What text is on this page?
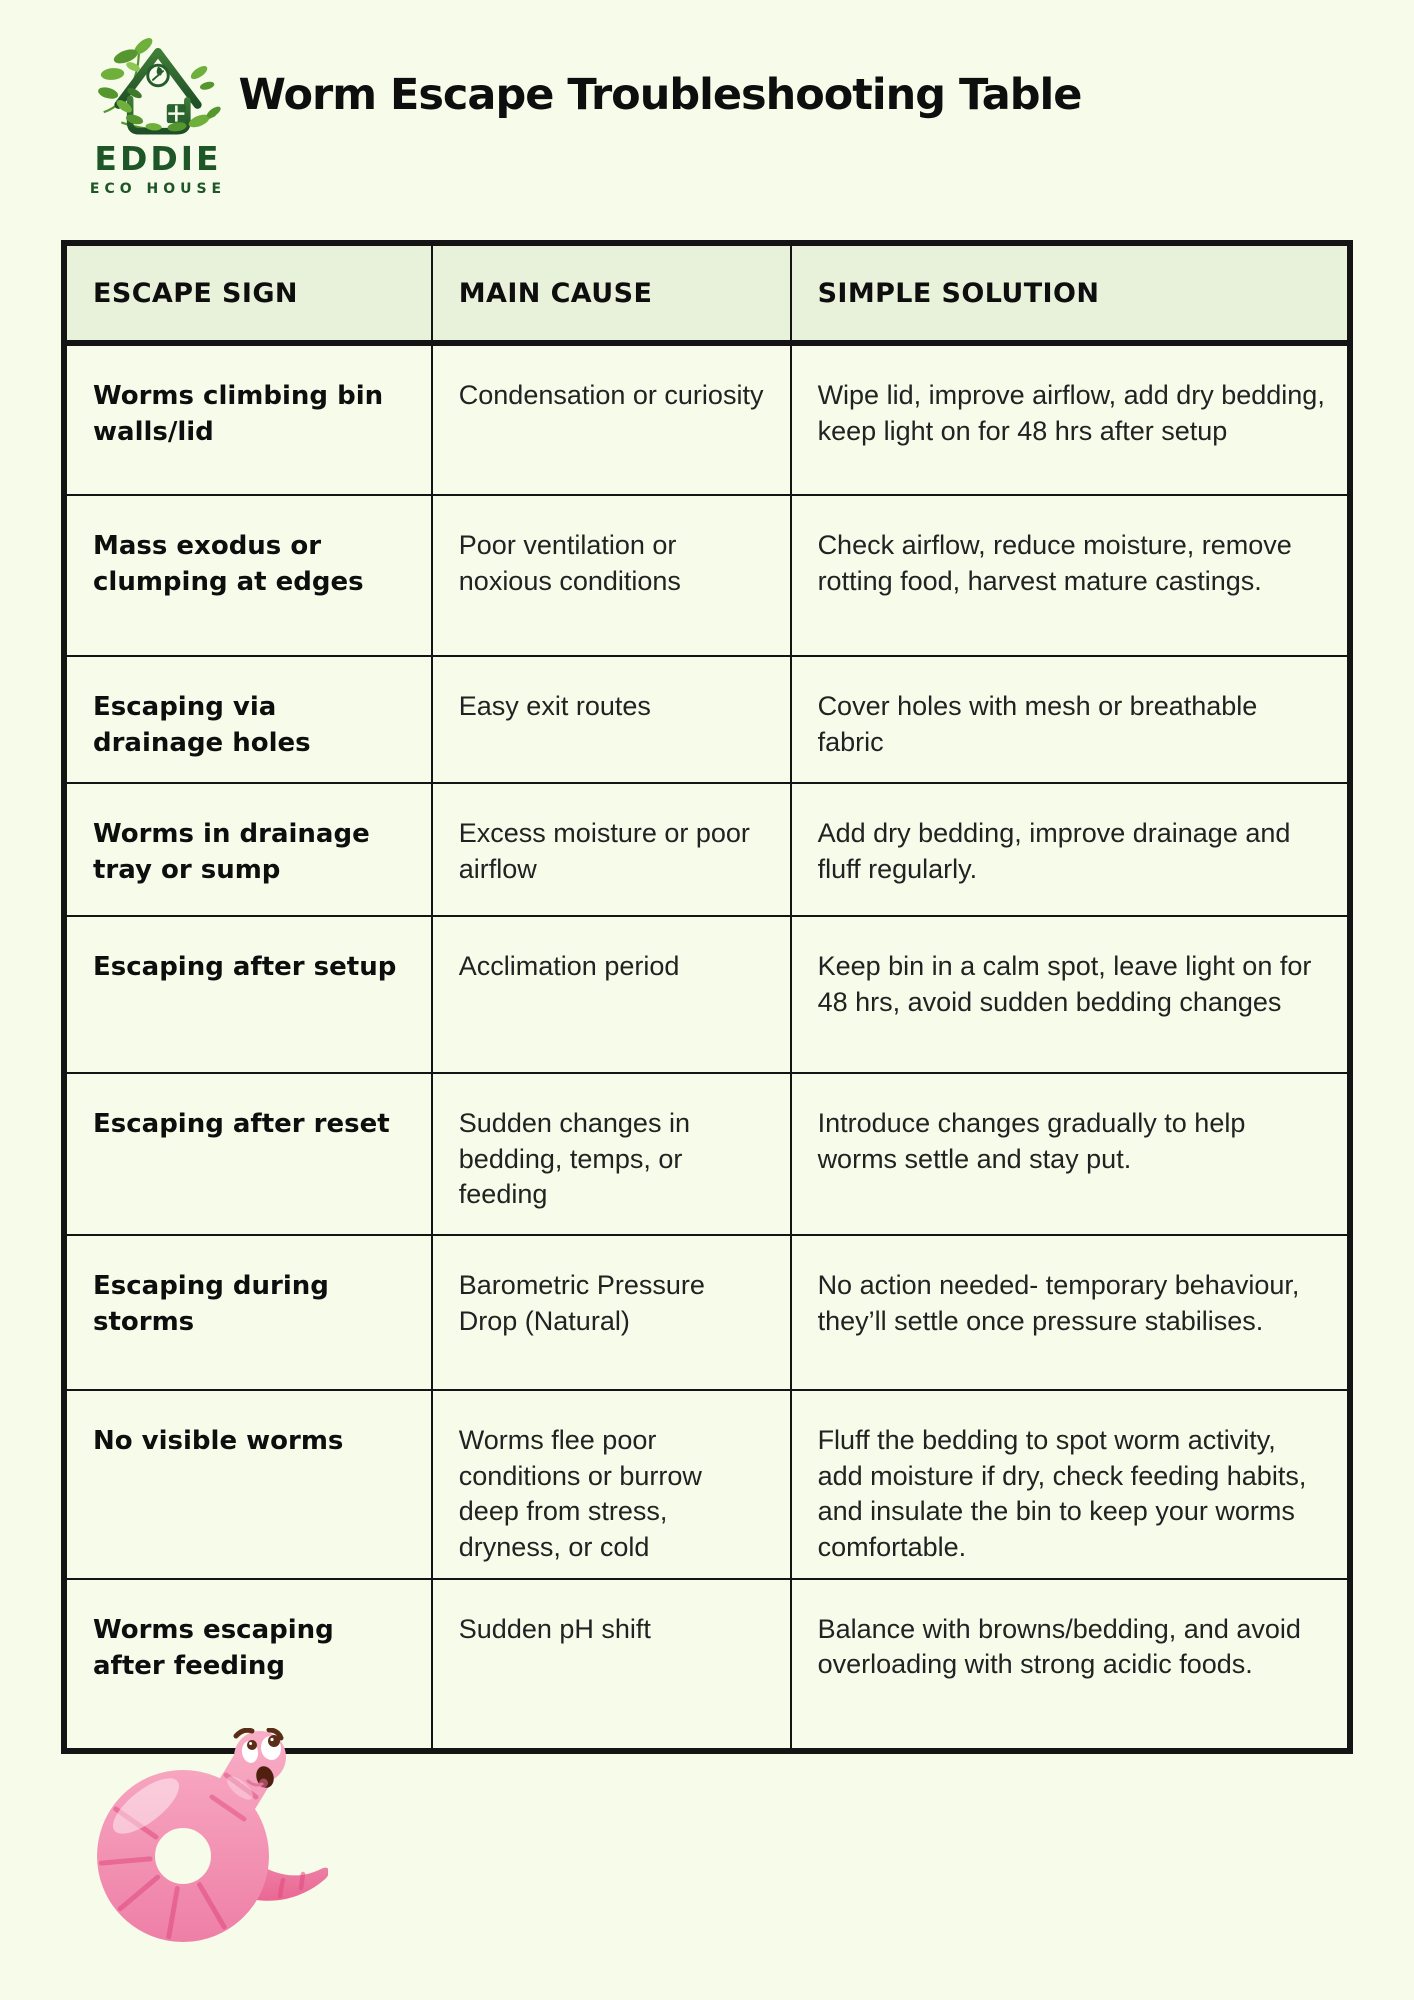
EDDIE
ECO HOUSE
Worm Escape Troubleshooting Table
ESCAPE SIGN	MAIN CAUSE	SIMPLE SOLUTION
Worms climbing bin walls/lid	Condensation or curiosity	Wipe lid, improve airflow, add dry bedding, keep light on for 48 hrs after setup
Mass exodus or clumping at edges	Poor ventilation or noxious conditions	Check airflow, reduce moisture, remove rotting food, harvest mature castings.
Escaping via drainage holes	Easy exit routes	Cover holes with mesh or breathable fabric
Worms in drainage tray or sump	Excess moisture or poor airflow	Add dry bedding, improve drainage and fluff regularly.
Escaping after setup	Acclimation period	Keep bin in a calm spot, leave light on for 48 hrs, avoid sudden bedding changes
Escaping after reset	Sudden changes in bedding, temps, or feeding	Introduce changes gradually to help worms settle and stay put.
Escaping during storms	Barometric Pressure Drop (Natural)	No action needed- temporary behaviour, they’ll settle once pressure stabilises.
No visible worms	Worms flee poor conditions or burrow deep from stress, dryness, or cold	Fluff the bedding to spot worm activity, add moisture if dry, check feeding habits, and insulate the bin to keep your worms comfortable.
Worms escaping after feeding	Sudden pH shift	Balance with browns/bedding, and avoid overloading with strong acidic foods.
